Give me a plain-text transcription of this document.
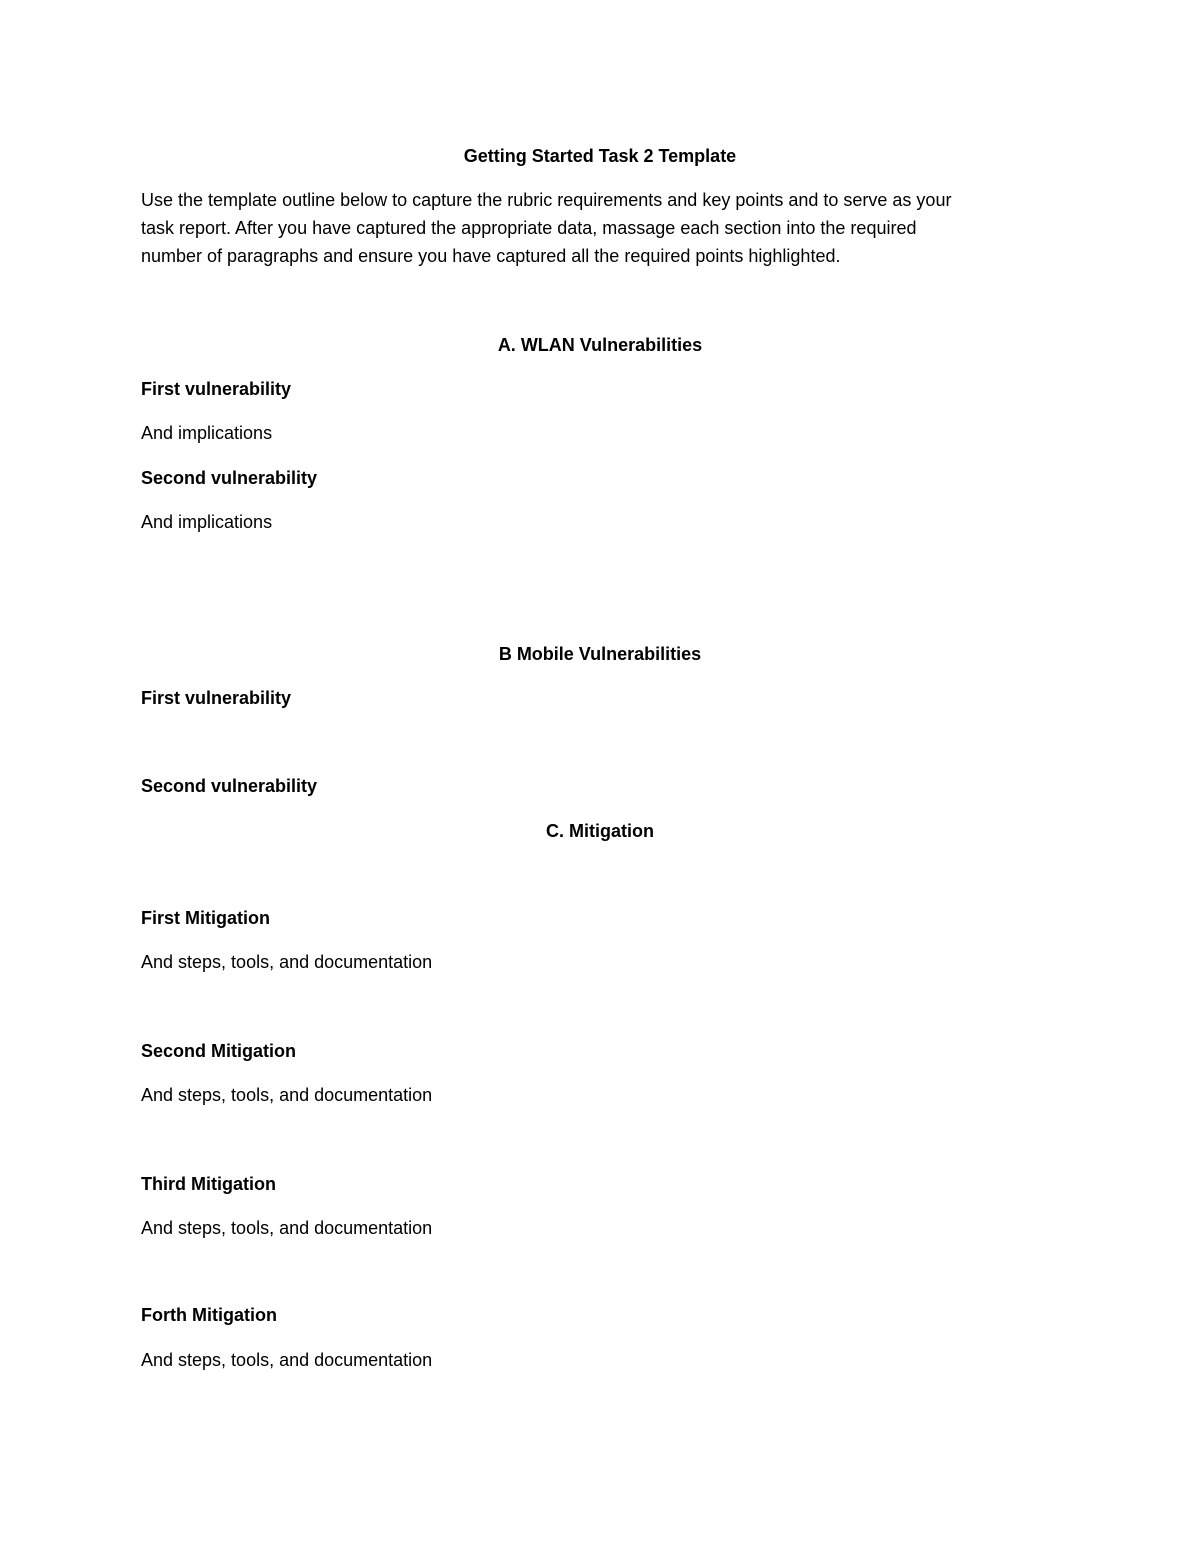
Getting Started Task 2 Template
Use the template outline below to capture the rubric requirements and key points and to serve as your
task report. After you have captured the appropriate data, massage each section into the required
number of paragraphs and ensure you have captured all the required points highlighted.
A. WLAN Vulnerabilities
First vulnerability
And implications
Second vulnerability
And implications
B Mobile Vulnerabilities
First vulnerability
Second vulnerability
C. Mitigation
First Mitigation
And steps, tools, and documentation
Second Mitigation
And steps, tools, and documentation
Third Mitigation
And steps, tools, and documentation
Forth Mitigation
And steps, tools, and documentation
